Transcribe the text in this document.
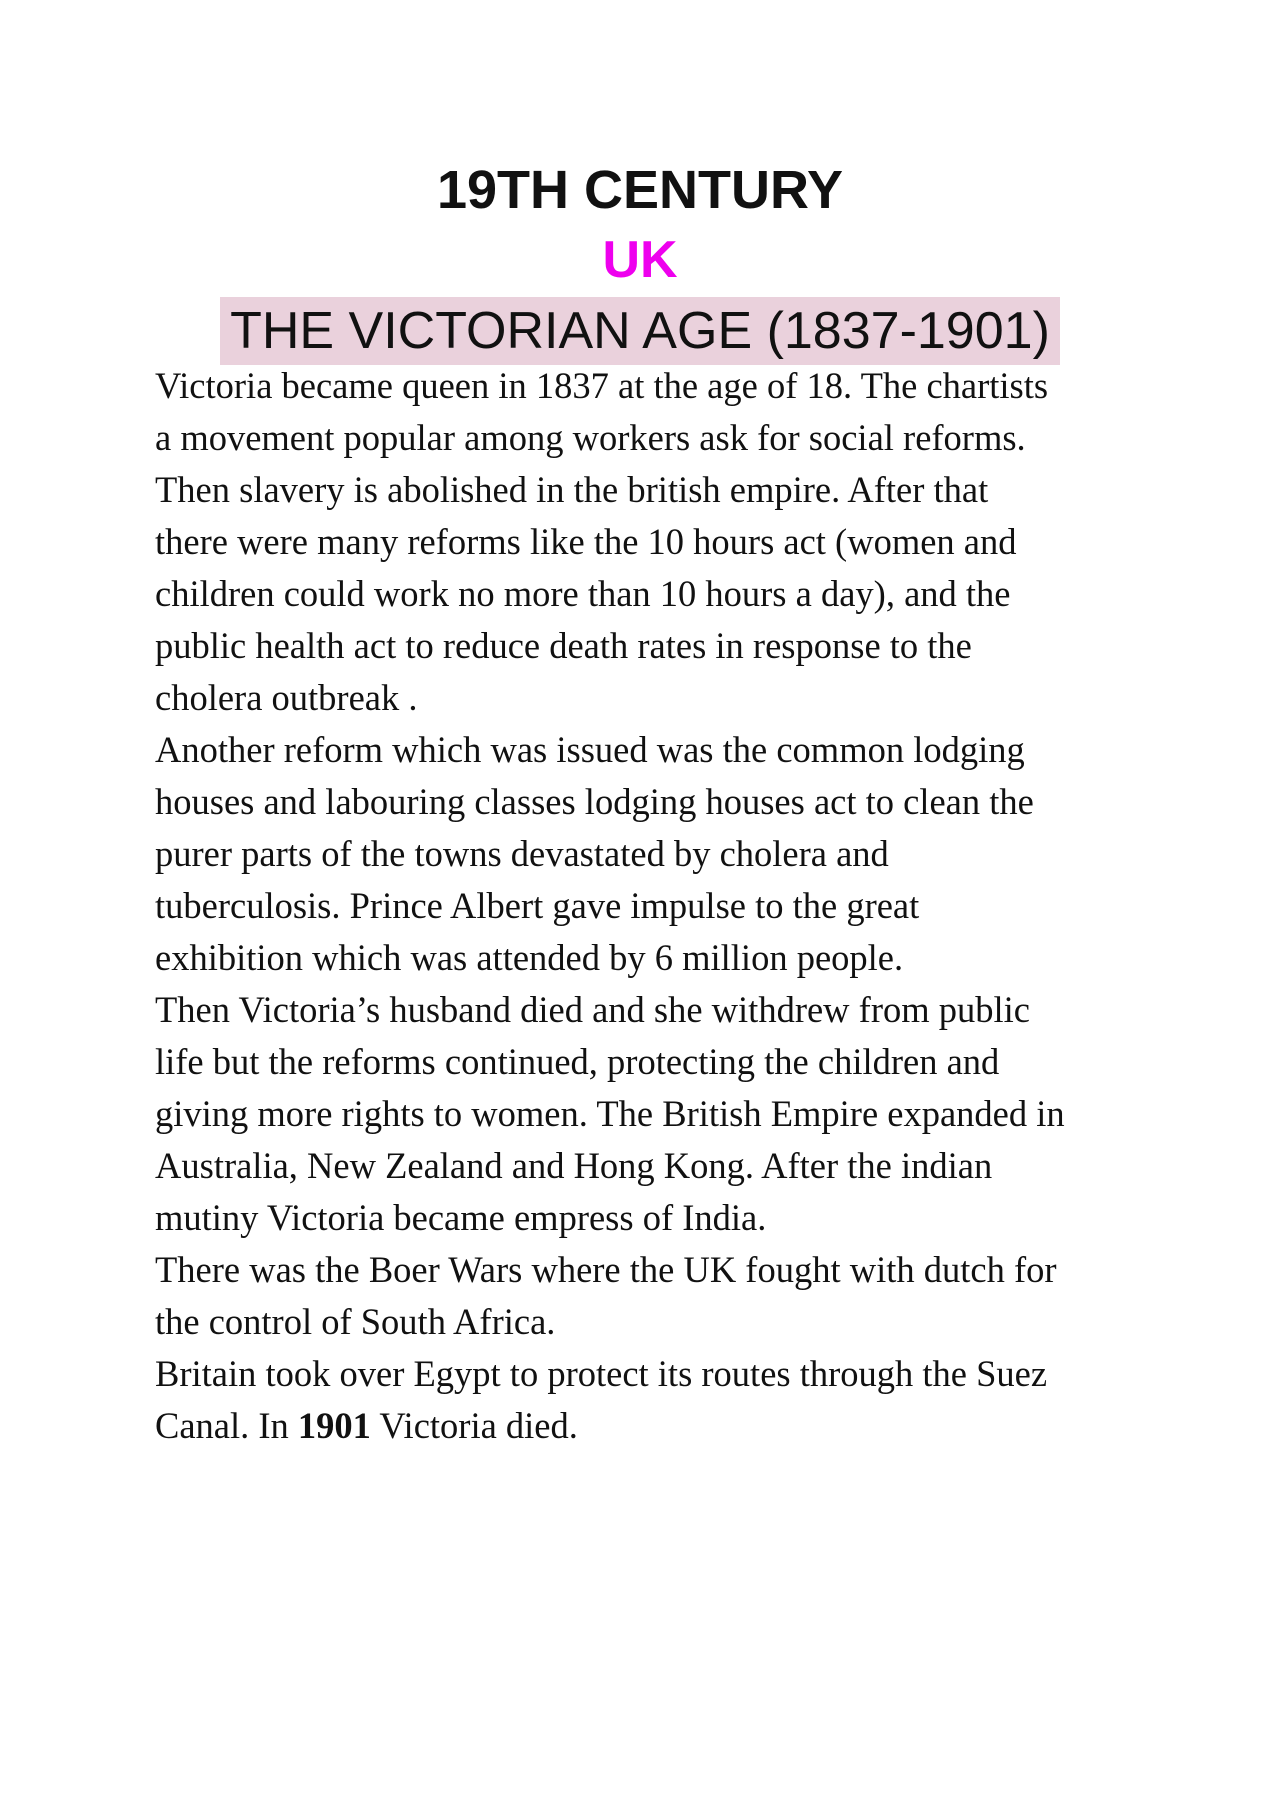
19TH CENTURY
UK
THE VICTORIAN AGE (1837-1901)

Victoria became queen in 1837 at the age of 18. The chartists
a movement popular among workers ask for social reforms.
Then slavery is abolished in the british empire. After that
there were many reforms like the 10 hours act (women and
children could work no more than 10 hours a day), and the
public health act to reduce death rates in response to the
cholera outbreak .

Another reform which was issued was the common lodging
houses and labouring classes lodging houses act to clean the
purer parts of the towns devastated by cholera and
tuberculosis. Prince Albert gave impulse to the great
exhibition which was attended by 6 million people.

Then Victoria’s husband died and she withdrew from public
life but the reforms continued, protecting the children and
giving more rights to women. The British Empire expanded in
Australia, New Zealand and Hong Kong. After the indian
mutiny Victoria became empress of India.

There was the Boer Wars where the UK fought with dutch for
the control of South Africa.

Britain took over Egypt to protect its routes through the Suez
Canal. In 1901 Victoria died.
